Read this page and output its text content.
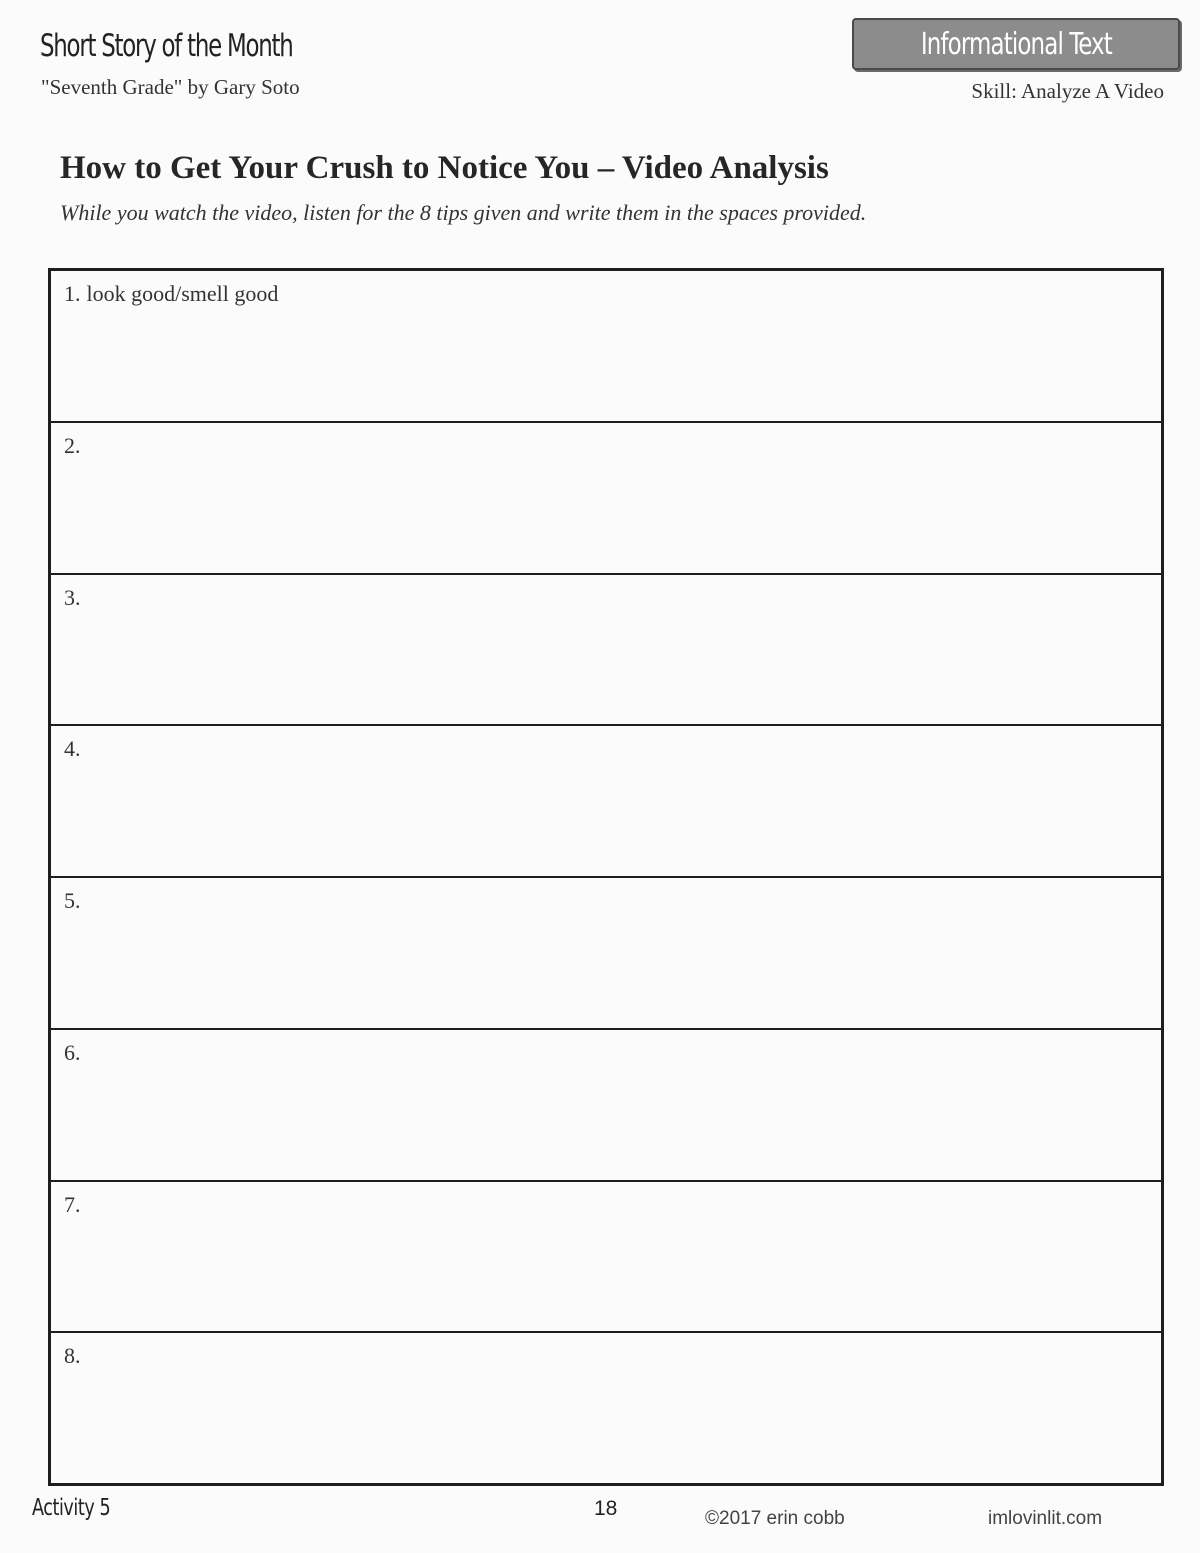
Short Story of the Month
"Seventh Grade" by Gary Soto
Informational Text
Skill: Analyze A Video
How to Get Your Crush to Notice You – Video Analysis
While you watch the video, listen for the 8 tips given and write them in the spaces provided.
1. look good/smell good
2.
3.
4.
5.
6.
7.
8.
Activity 5	18	©2017 erin cobb	imlovinlit.com
